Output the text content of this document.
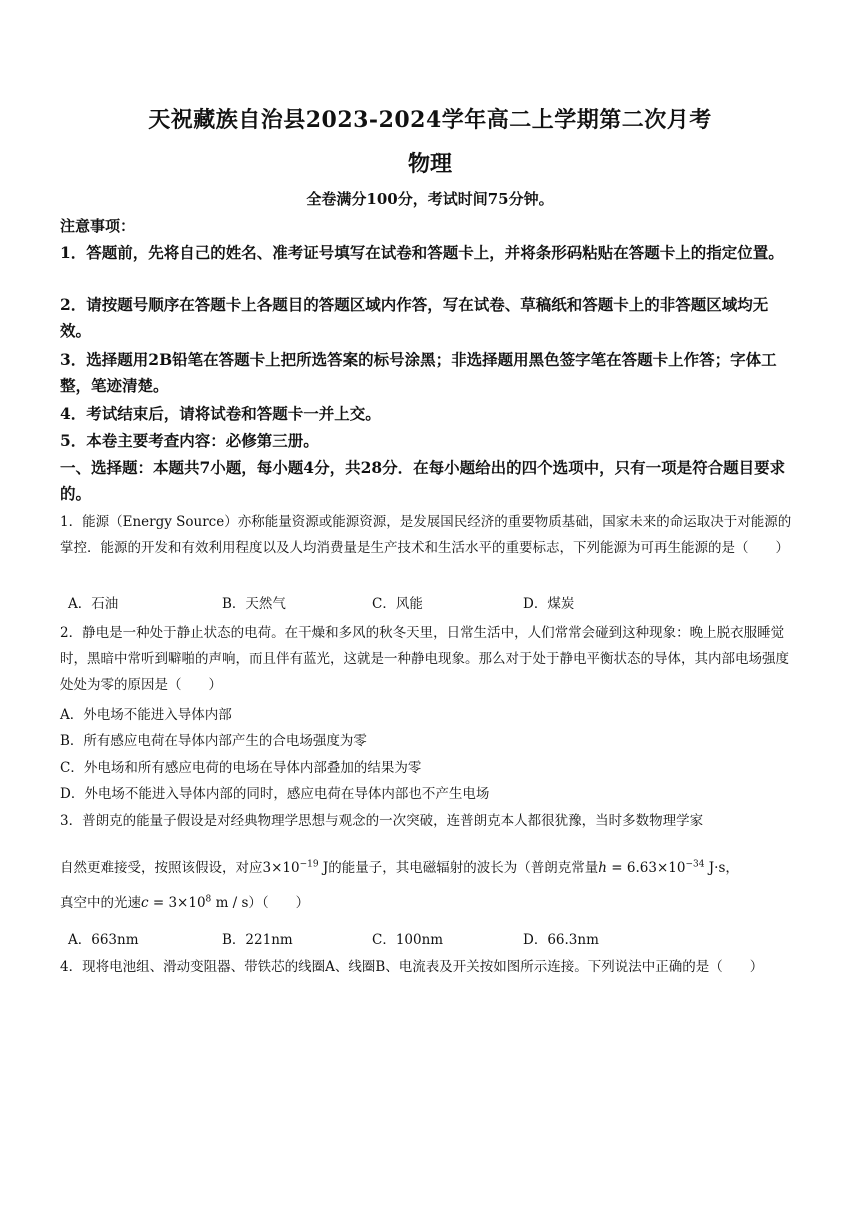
天祝藏族自治县2023-2024学年高二上学期第二次月考
物理
全卷满分100分，考试时间75分钟。
注意事项：
1．答题前，先将自己的姓名、准考证号填写在试卷和答题卡上，并将条形码粘贴在答题卡上的指定位置。
2．请按题号顺序在答题卡上各题目的答题区域内作答，写在试卷、草稿纸和答题卡上的非答题区域均无效。
3．选择题用2B铅笔在答题卡上把所选答案的标号涂黑；非选择题用黑色签字笔在答题卡上作答；字体工整，笔迹清楚。
4．考试结束后，请将试卷和答题卡一并上交。
5．本卷主要考查内容：必修第三册。
一、选择题：本题共7小题，每小题4分，共28分．在每小题给出的四个选项中，只有一项是符合题目要求的。
1．能源（Energy Source）亦称能量资源或能源资源，是发展国民经济的重要物质基础，国家未来的命运取决于对能源的掌控．能源的开发和有效利用程度以及人均消费量是生产技术和生活水平的重要标志，下列能源为可再生能源的是（　　）
A．石油	B．天然气	C．风能	D．煤炭
2．静电是一种处于静止状态的电荷。在干燥和多风的秋冬天里，日常生活中，人们常常会碰到这种现象：晚上脱衣服睡觉时，黑暗中常听到噼啪的声响，而且伴有蓝光，这就是一种静电现象。那么对于处于静电平衡状态的导体，其内部电场强度处处为零的原因是（　　）
A．外电场不能进入导体内部
B．所有感应电荷在导体内部产生的合电场强度为零
C．外电场和所有感应电荷的电场在导体内部叠加的结果为零
D．外电场不能进入导体内部的同时，感应电荷在导体内部也不产生电场
3．普朗克的能量子假设是对经典物理学思想与观念的一次突破，连普朗克本人都很犹豫，当时多数物理学家
自然更难接受，按照该假设，对应$3\times 10^{-19}$ J的能量子，其电磁辐射的波长为（普朗克常量$h = 6.63\times 10^{-34}$ J·s，
真空中的光速$c = 3\times 10^8$ m / s）（　　）
A．663nm	B．221nm	C．100nm	D．66.3nm
4．现将电池组、滑动变阻器、带铁芯的线圈A、线圈B、电流表及开关按如图所示连接。下列说法中正确的是（　　）
